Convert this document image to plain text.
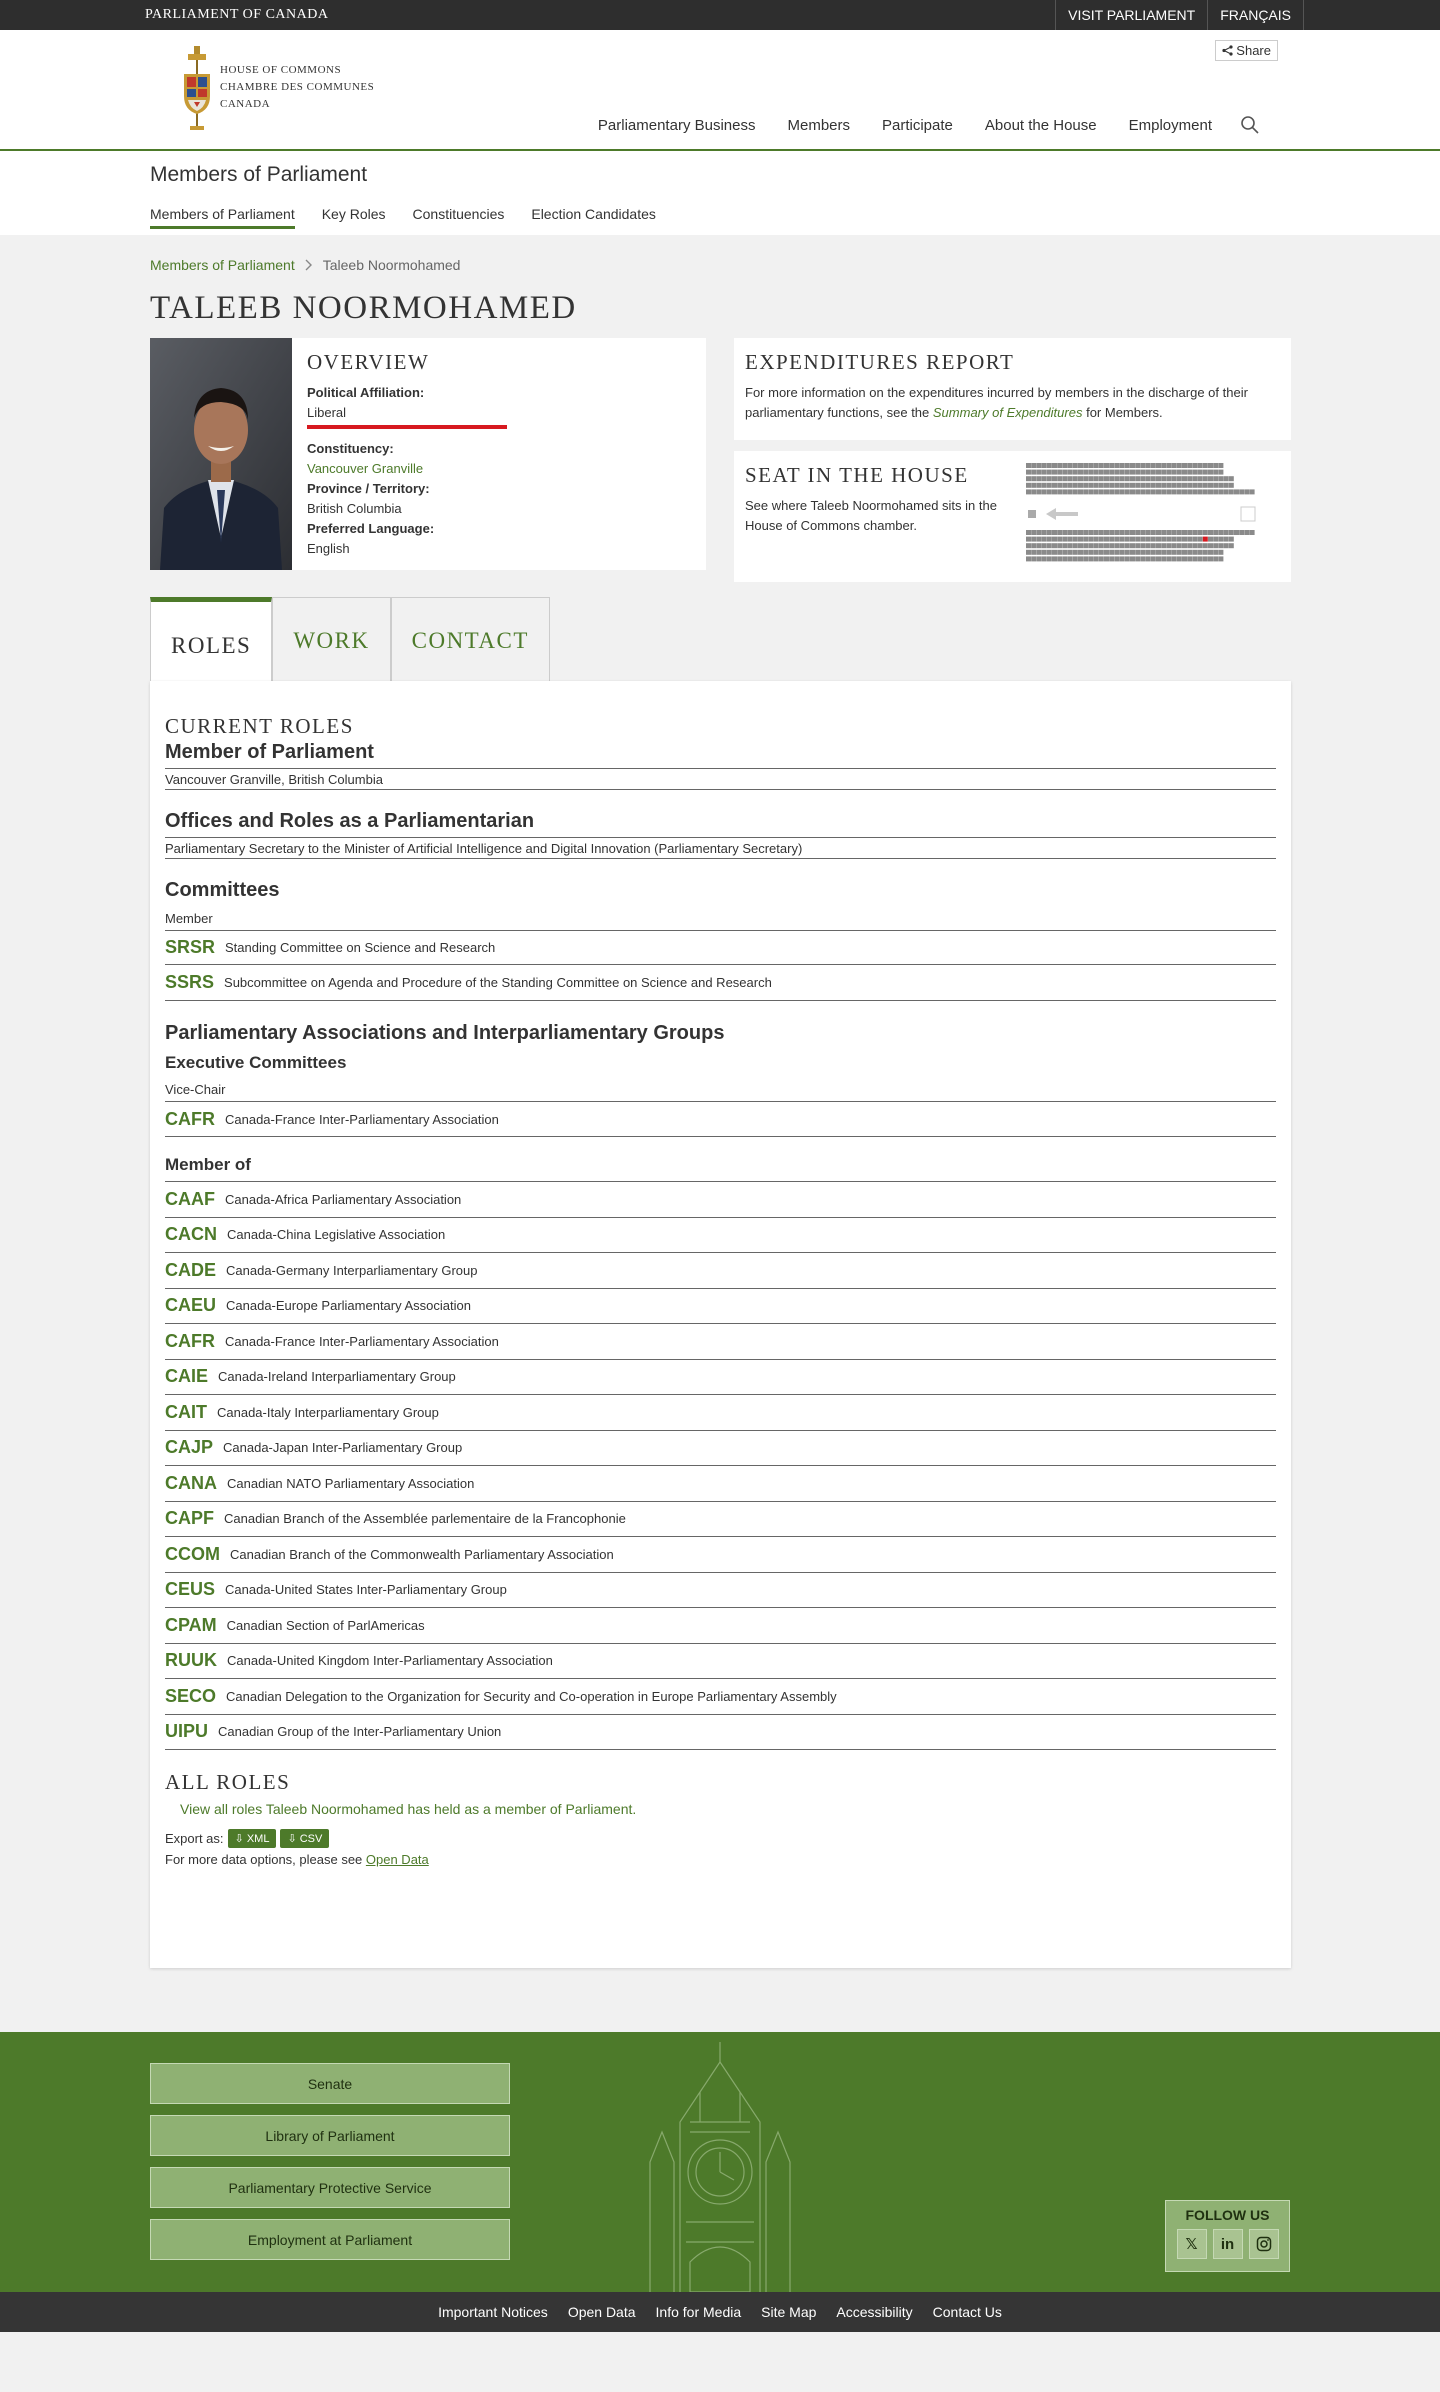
PARLIAMENT OF CANADA	VISIT PARLIAMENT	FRANÇAIS
HOUSE OF COMMONS
CHAMBRE DES COMMUNES
CANADA
Share
Parliamentary Business Members Participate About the House Employment
Members of Parliament
Members of Parliament Key Roles Constituencies Election Candidates
Members of Parliament Taleeb Noormohamed
TALEEB NOORMOHAMED
OVERVIEW
Political Affiliation:
Liberal
Constituency:
Vancouver Granville
Province / Territory:
British Columbia
Preferred Language:
English
EXPENDITURES REPORT

For more information on the expenditures incurred by members in the discharge of their parliamentary functions, see the Summary of Expenditures for Members.

SEAT IN THE HOUSE

See where Taleeb Noormohamed sits in the House of Commons chamber.

ROLES	WORK	CONTACT
CURRENT ROLES
Member of Parliament
Vancouver Granville, British Columbia
Offices and Roles as a Parliamentarian
Parliamentary Secretary to the Minister of Artificial Intelligence and Digital Innovation (Parliamentary Secretary)
Committees
Member
SRSR Standing Committee on Science and Research
SSRS Subcommittee on Agenda and Procedure of the Standing Committee on Science and Research
Parliamentary Associations and Interparliamentary Groups
Executive Committees
Vice-Chair
CAFR Canada-France Inter-Parliamentary Association
Member of
CAAF Canada-Africa Parliamentary Association
CACN Canada-China Legislative Association
CADE Canada-Germany Interparliamentary Group
CAEU Canada-Europe Parliamentary Association
CAFR Canada-France Inter-Parliamentary Association
CAIE Canada-Ireland Interparliamentary Group
CAIT Canada-Italy Interparliamentary Group
CAJP Canada-Japan Inter-Parliamentary Group
CANA Canadian NATO Parliamentary Association
CAPF Canadian Branch of the Assemblée parlementaire de la Francophonie
CCOM Canadian Branch of the Commonwealth Parliamentary Association
CEUS Canada-United States Inter-Parliamentary Group
CPAM Canadian Section of ParlAmericas
RUUK Canada-United Kingdom Inter-Parliamentary Association
SECO Canadian Delegation to the Organization for Security and Co-operation in Europe Parliamentary Assembly
UIPU Canadian Group of the Inter-Parliamentary Union
ALL ROLES
View all roles Taleeb Noormohamed has held as a member of Parliament.
Export as:	⇩ XML	⇩ CSV
For more data options, please see Open Data
Senate
Library of Parliament
Parliamentary Protective Service
Employment at Parliament
FOLLOW US
𝕏	in
Important Notices Open Data Info for Media Site Map Accessibility Contact Us
